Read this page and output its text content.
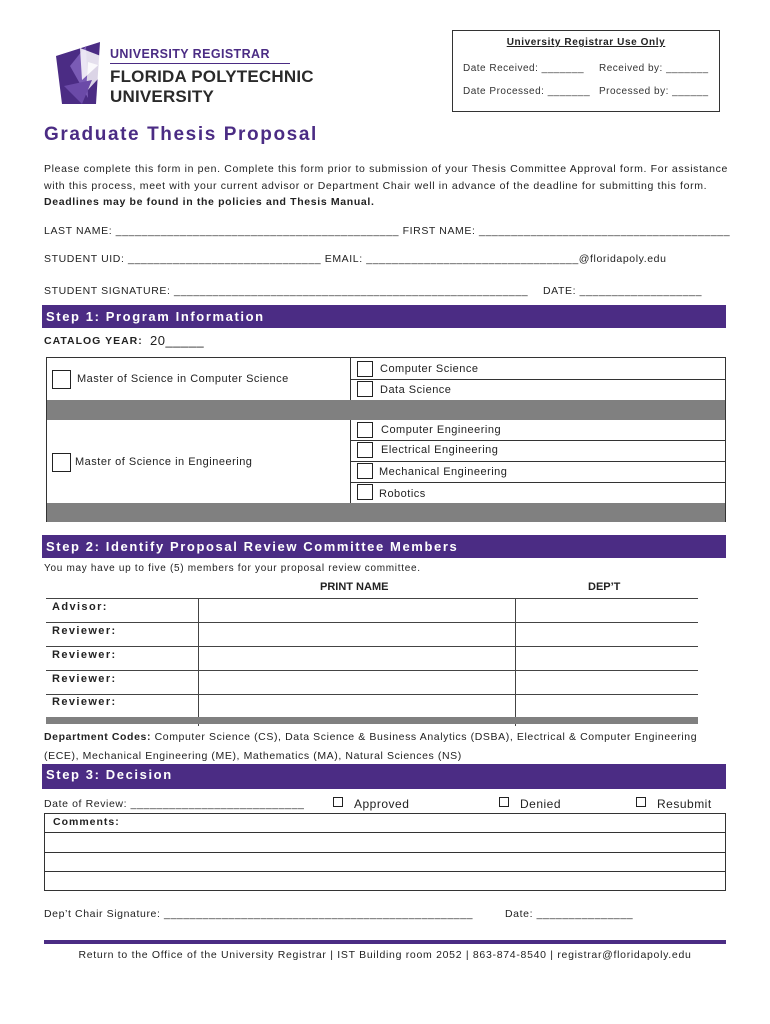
UNIVERSITY REGISTRAR
FLORIDA POLYTECHNIC
UNIVERSITY
University Registrar Use Only
Date Received: _______ Received by: _______
Date Processed: _______ Processed by: ______
Graduate Thesis Proposal
Please complete this form in pen. Complete this form prior to submission of your Thesis Committee Approval form. For assistance with this process, meet with your current advisor or Department Chair well in advance of the deadline for submitting this form. Deadlines may be found in the policies and Thesis Manual.
LAST NAME: ____________________________________________ FIRST NAME: _______________________________________
STUDENT UID: ______________________________ EMAIL: _________________________________@floridapoly.edu
STUDENT SIGNATURE: _______________________________________________________ DATE: ___________________
Step 1: Program Information
CATALOG YEAR: 20_____
Master of Science in Computer Science
Computer Science
Data Science
Master of Science in Engineering
Computer Engineering
Electrical Engineering
Mechanical Engineering
Robotics
Step 2: Identify Proposal Review Committee Members
You may have up to five (5) members for your proposal review committee.
PRINT NAME	DEP’T
Advisor:
Reviewer:
Reviewer:
Reviewer:
Reviewer:
Department Codes: Computer Science (CS), Data Science & Business Analytics (DSBA), Electrical & Computer Engineering (ECE), Mechanical Engineering (ME), Mathematics (MA), Natural Sciences (NS)
Step 3: Decision
Date of Review: ___________________________	Approved	Denied	Resubmit
Comments:
Dep’t Chair Signature: ________________________________________________	Date: _______________
Return to the Office of the University Registrar | IST Building room 2052 | 863-874-8540 | registrar@floridapoly.edu
